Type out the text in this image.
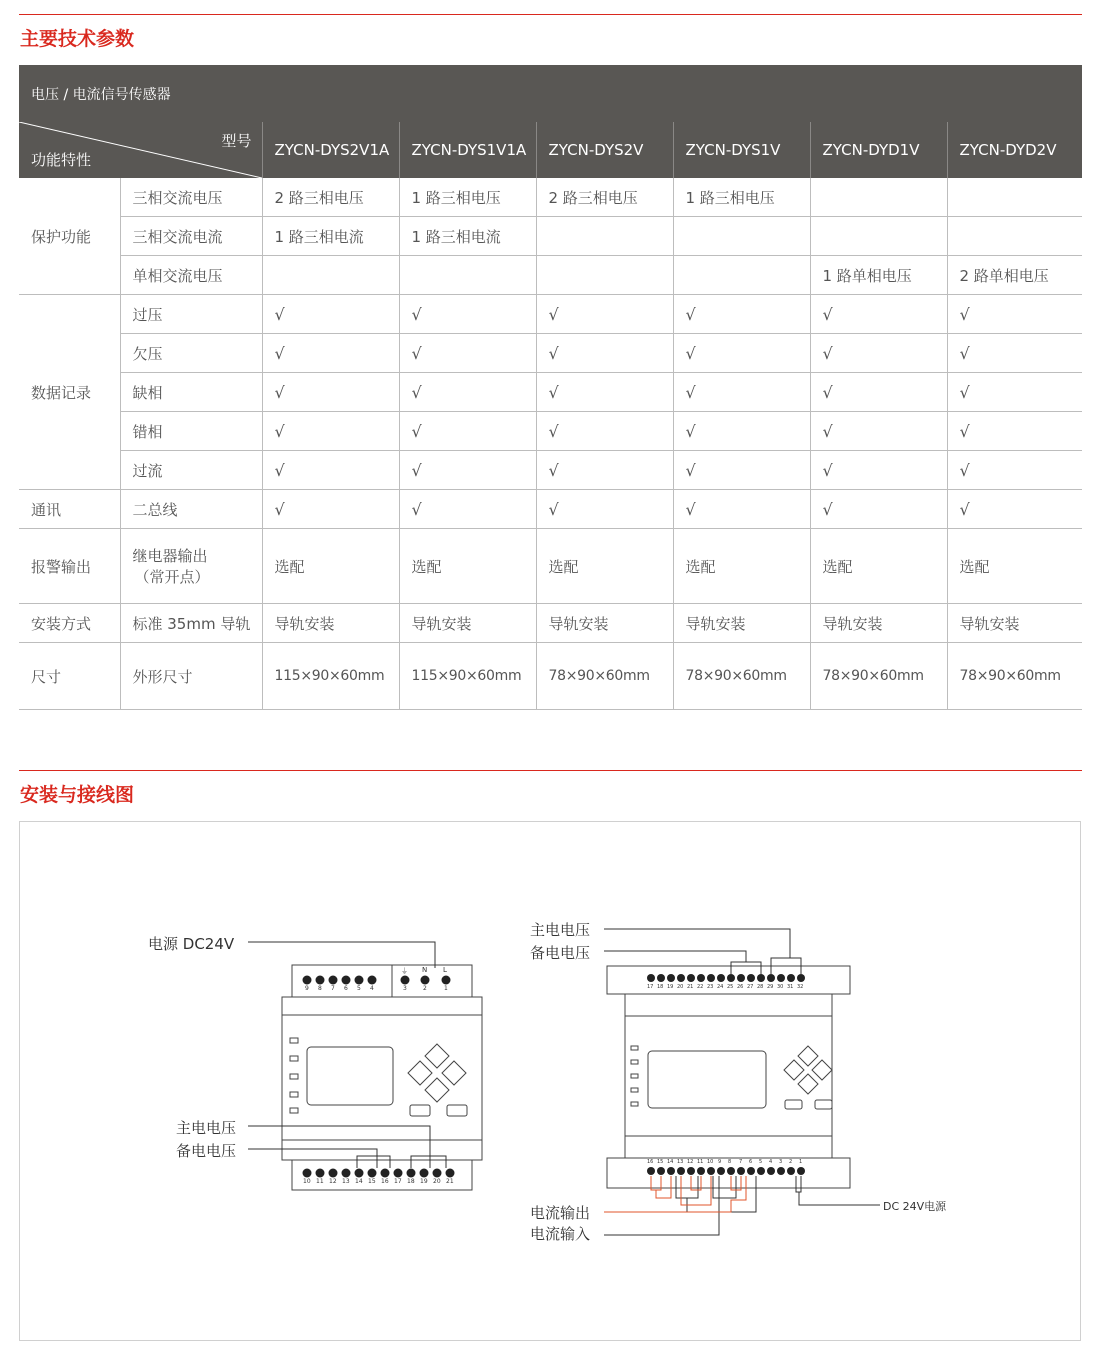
主要技术参数
电压 / 电流信号传感器							

型号
功能特性		ZYCN-DYS2V1A	ZYCN-DYS1V1A	ZYCN-DYS2V	ZYCN-DYS1V	ZYCN-DYD1V	ZYCN-DYD2V
保护功能	三相交流电压	2 路三相电压	1 路三相电压	2 路三相电压	1 路三相电压		
	三相交流电流	1 路三相电流	1 路三相电流				
	单相交流电压					1 路单相电压	2 路单相电压
数据记录	过压	√	√	√	√	√	√
	欠压	√	√	√	√	√	√
	缺相	√	√	√	√	√	√
	错相	√	√	√	√	√	√
	过流	√	√	√	√	√	√
通讯	二总线	√	√	√	√	√	√
报警输出	继电器输出
（常开点）	选配	选配	选配	选配	选配	选配
安装方式	标准 35mm 导轨	导轨安装	导轨安装	导轨安装	导轨安装	导轨安装	导轨安装
尺寸	外形尺寸	115×90×60mm	115×90×60mm	78×90×60mm	78×90×60mm	78×90×60mm	78×90×60mm
安装与接线图
电源 DC24V
主电电压
备电电压
9 8 7 6 5 4	3	2	1
⏚ N L
10 11 12 13 14 15 16 17 18 19 20 21
主电电压
备电电压
电流输出
电流输入
DC 24V电源
17 18 19 20 21 22 23 24 25 26 27 28 29 30 31 32
16 15 14 13 12 11 10 9 8 7 6 5 4 3 2 1
